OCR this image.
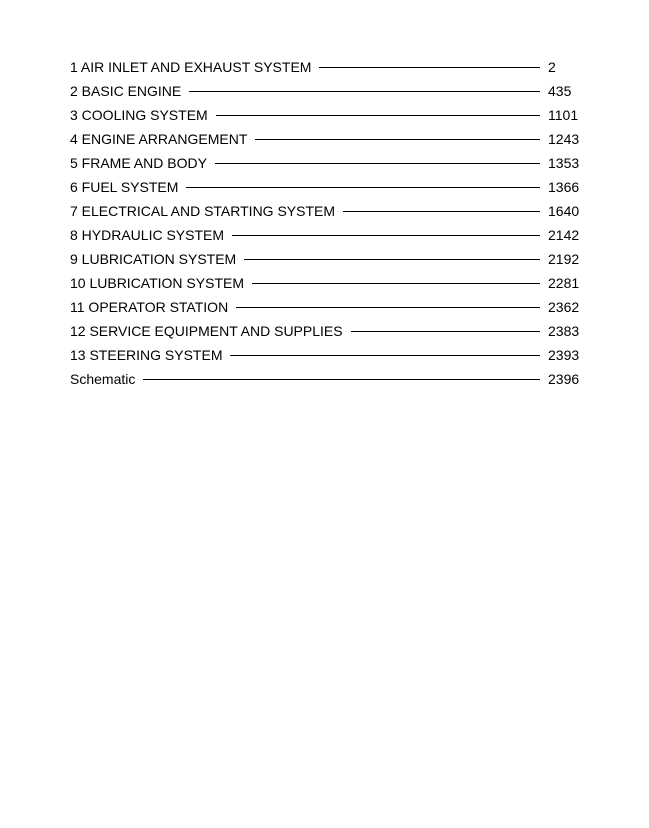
1 AIR INLET AND EXHAUST SYSTEM	2
2 BASIC ENGINE	435
3 COOLING SYSTEM	1101
4 ENGINE ARRANGEMENT	1243
5 FRAME AND BODY	1353
6 FUEL SYSTEM	1366
7 ELECTRICAL AND STARTING SYSTEM	1640
8 HYDRAULIC SYSTEM	2142
9 LUBRICATION SYSTEM	2192
10 LUBRICATION SYSTEM	2281
11 OPERATOR STATION	2362
12 SERVICE EQUIPMENT AND SUPPLIES	2383
13 STEERING SYSTEM	2393
Schematic	2396
